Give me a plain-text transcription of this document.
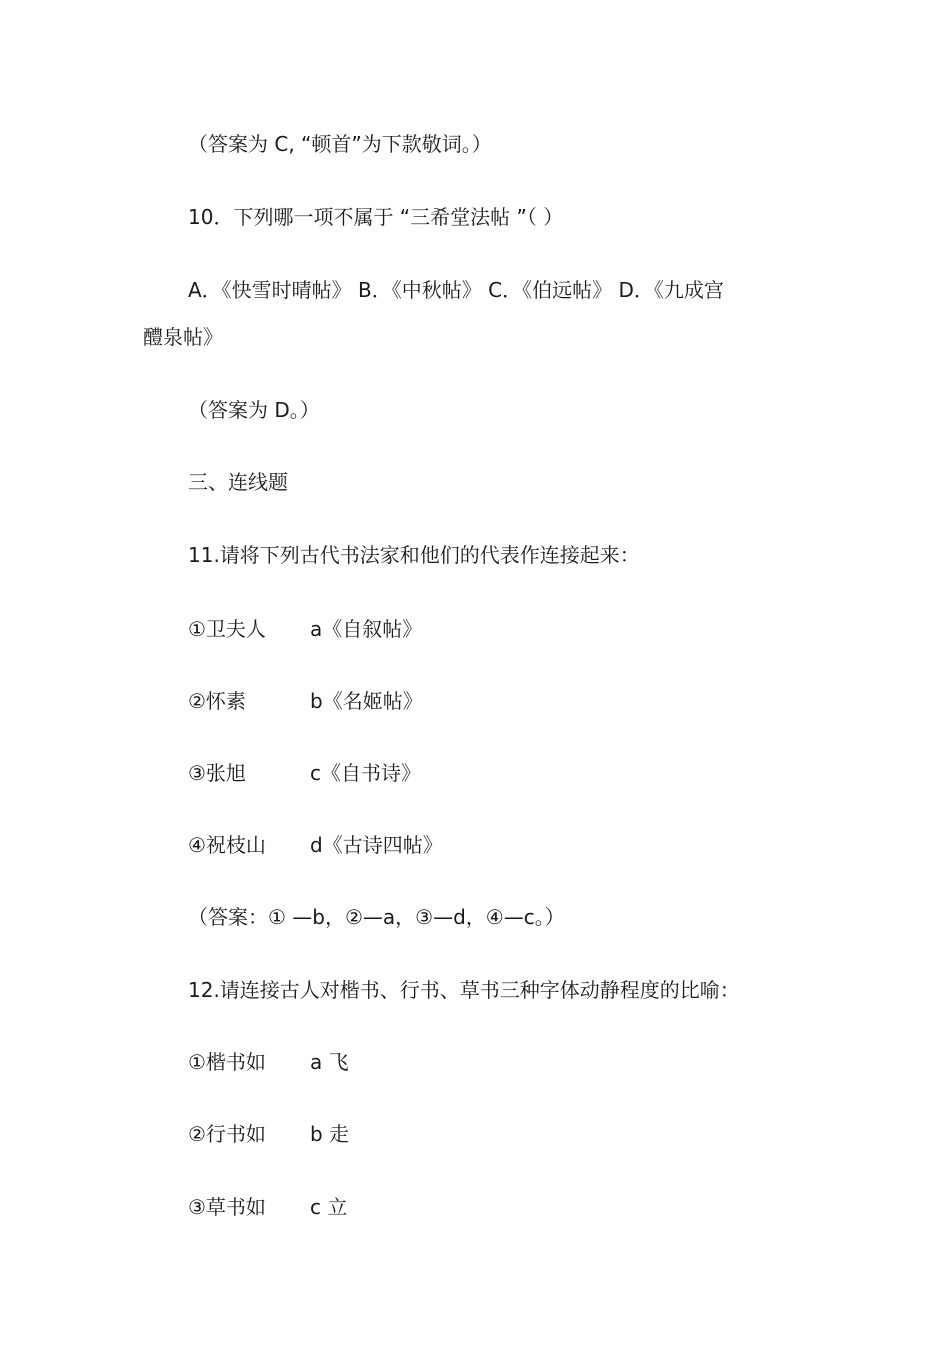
（答案为 C, “顿首”为下款敬词。）
10．下列哪一项不属于 “三希堂法帖 ”（ ）
A．《快雪时晴帖》 B．《中秋帖》 C．《伯远帖》 D．《九成宫
醴泉帖》
（答案为 D。）
三、连线题
11.请将下列古代书法家和他们的代表作连接起来：
①卫夫人 a《自叙帖》
②怀素	b《名姬帖》
③张旭	c《自书诗》
④祝枝山 d《古诗四帖》
（答案：① —b，②—a，③—d，④—c。）
12.请连接古人对楷书、行书、草书三种字体动静程度的比喻：
①楷书如 a 飞
②行书如 b 走
③草书如 c 立
